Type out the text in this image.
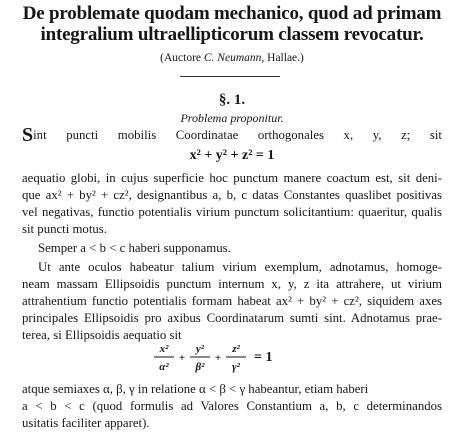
De problemate quodam mechanico, quod ad primam
integralium ultraellipticorum classem revocatur.
(Auctore C. Neumann, Hallae.)
§. 1.
Problema proponitur.
Sint puncti mobilis Coordinatae orthogonales x, y, z; sit
x² + y² + z² = 1
aequatio globi, in cujus superficie hoc punctum manere coactum est, sit deni-
que ax² + by² + cz², designantibus a, b, c datas Constantes quaslibet positivas
vel negativas, functio potentialis virium punctum solicitantium: quaeritur, qualis
sit puncti motus.
Semper a < b < c haberi supponamus.
Ut ante oculos habeatur talium virium exemplum, adnotamus, homoge-
neam massam Ellipsoidis punctum internum x, y, z ita attrahere, ut virium
attrahentium functio potentialis formam habeat ax² + by² + cz², siquidem axes
principales Ellipsoidis pro axibus Coordinatarum sumti sint. Adnotamus prae-
terea, si Ellipsoidis aequatio sit
x²
α²
+
y²
β²
+
z²
γ²
= 1
atque semiaxes α, β, γ in relatione α < β < γ habeantur, etiam haberi
a < b < c (quod formulis ad Valores Constantium a, b, c determinandos
usitatis faciliter apparet).
